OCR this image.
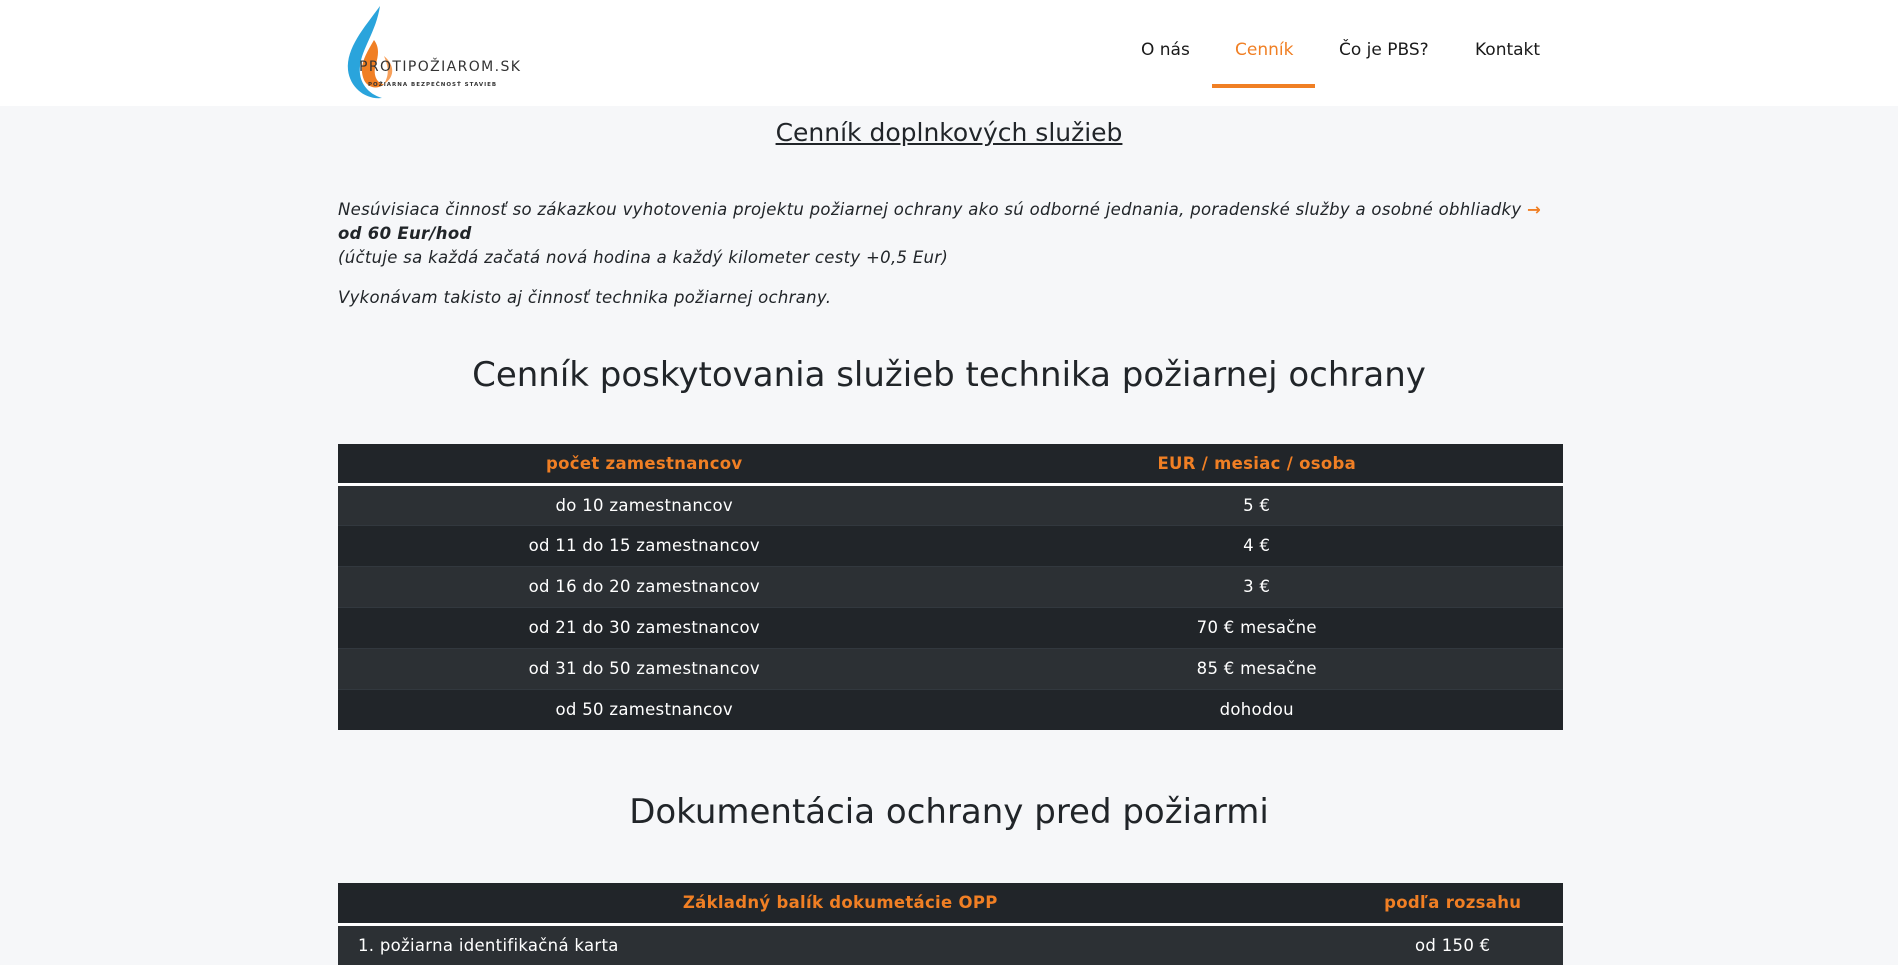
PROTIPOŽIAROM.SK
POŽIARNA BEZPEČNOSŤ STAVIEB
O nás	Cenník	Čo je PBS?	Kontakt
Cenník doplnkových služieb
Nesúvisiaca činnosť so zákazkou vyhotovenia projektu požiarnej ochrany ako sú odborné jednania, poradenské služby a osobné obhliadky → od 60 Eur/hod
(účtuje sa každá začatá nová hodina a každý kilometer cesty +0,5 Eur)
Vykonávam takisto aj činnosť technika požiarnej ochrany.
Cenník poskytovania služieb technika požiarnej ochrany
počet zamestnancov	EUR / mesiac / osoba
do 10 zamestnancov	5 €
od 11 do 15 zamestnancov	4 €
od 16 do 20 zamestnancov	3 €
od 21 do 30 zamestnancov	70 € mesačne
od 31 do 50 zamestnancov	85 € mesačne
od 50 zamestnancov	dohodou
Dokumentácia ochrany pred požiarmi
Základný balík dokumetácie OPP	podľa rozsahu
1. požiarna identifikačná karta	od 150 €
